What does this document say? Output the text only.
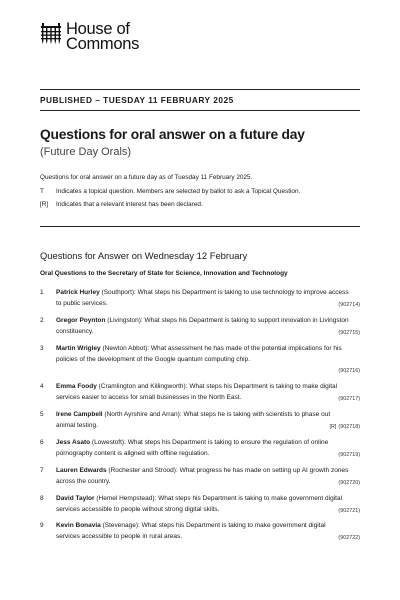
House of
Commons
PUBLISHED – TUESDAY 11 FEBRUARY 2025
Questions for oral answer on a future day
(Future Day Orals)
Questions for oral answer on a future day as of Tuesday 11 February 2025.
T	Indicates a topical question. Members are selected by ballot to ask a Topical Question.
[R]	Indicates that a relevant interest has been declared.
Questions for Answer on Wednesday 12 February
Oral Questions to the Secretary of State for Science, Innovation and Technology
1 Patrick Hurley (Southport): What steps his Department is taking to use technology to improve access to public services.	(902714)
2 Gregor Poynton (Livingston): What steps his Department is taking to support innovation in Livingston constituency.	(902715)
3 Martin Wrigley (Newton Abbot): What assessment he has made of the potential implications for his policies of the development of the Google quantum computing chip.
(902716)
4 Emma Foody (Cramlington and Killingworth): What steps his Department is taking to make digital services easier to access for small businesses in the North East.	(902717)
5 Irene Campbell (North Ayrshire and Arran): What steps he is taking with scientists to phase out animal testing.	[R] (902718)
6 Jess Asato (Lowestoft): What steps his Department is taking to ensure the regulation of online pornography content is aligned with offline regulation.	(902719)
7 Lauren Edwards (Rochester and Strood): What progress he has made on setting up AI growth zones across the country.	(902720)
8 David Taylor (Hemel Hempstead): What steps his Department is taking to make government digital services accessible to people without strong digital skills.	(902721)
9 Kevin Bonavia (Stevenage): What steps his Department is taking to make government digital services accessible to people in rural areas.	(902722)
